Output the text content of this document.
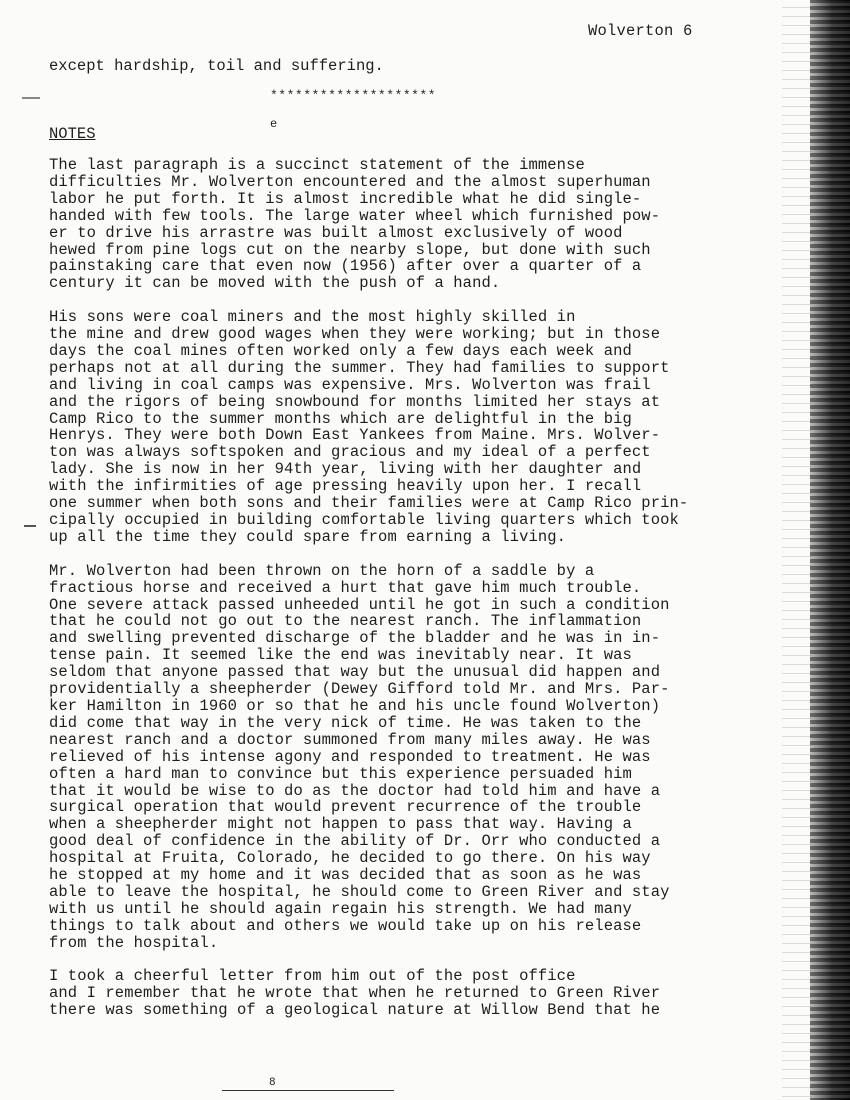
Wolverton 6
except hardship, toil and suffering.
********************
e
NOTES

The last paragraph is a succinct statement of the immense
difficulties Mr. Wolverton encountered and the almost superhuman
labor he put forth. It is almost incredible what he did single-
handed with few tools. The large water wheel which furnished pow-
er to drive his arrastre was built almost exclusively of wood
hewed from pine logs cut on the nearby slope, but done with such
painstaking care that even now (1956) after over a quarter of a
century it can be moved with the push of a hand.

His sons were coal miners and the most highly skilled in
the mine and drew good wages when they were working; but in those
days the coal mines often worked only a few days each week and
perhaps not at all during the summer. They had families to support
and living in coal camps was expensive. Mrs. Wolverton was frail
and the rigors of being snowbound for months limited her stays at
Camp Rico to the summer months which are delightful in the big
Henrys. They were both Down East Yankees from Maine. Mrs. Wolver-
ton was always softspoken and gracious and my ideal of a perfect
lady. She is now in her 94th year, living with her daughter and
with the infirmities of age pressing heavily upon her. I recall
one summer when both sons and their families were at Camp Rico prin-
cipally occupied in building comfortable living quarters which took
up all the time they could spare from earning a living.

Mr. Wolverton had been thrown on the horn of a saddle by a
fractious horse and received a hurt that gave him much trouble.
One severe attack passed unheeded until he got in such a condition
that he could not go out to the nearest ranch. The inflammation
and swelling prevented discharge of the bladder and he was in in-
tense pain. It seemed like the end was inevitably near. It was
seldom that anyone passed that way but the unusual did happen and
providentially a sheepherder (Dewey Gifford told Mr. and Mrs. Par-
ker Hamilton in 1960 or so that he and his uncle found Wolverton)
did come that way in the very nick of time. He was taken to the
nearest ranch and a doctor summoned from many miles away. He was
relieved of his intense agony and responded to treatment. He was
often a hard man to convince but this experience persuaded him
that it would be wise to do as the doctor had told him and have a
surgical operation that would prevent recurrence of the trouble
when a sheepherder might not happen to pass that way. Having a
good deal of confidence in the ability of Dr. Orr who conducted a
hospital at Fruita, Colorado, he decided to go there. On his way
he stopped at my home and it was decided that as soon as he was
able to leave the hospital, he should come to Green River and stay
with us until he should again regain his strength. We had many
things to talk about and others we would take up on his release
from the hospital.

I took a cheerful letter from him out of the post office
and I remember that he wrote that when he returned to Green River
there was something of a geological nature at Willow Bend that he

8
